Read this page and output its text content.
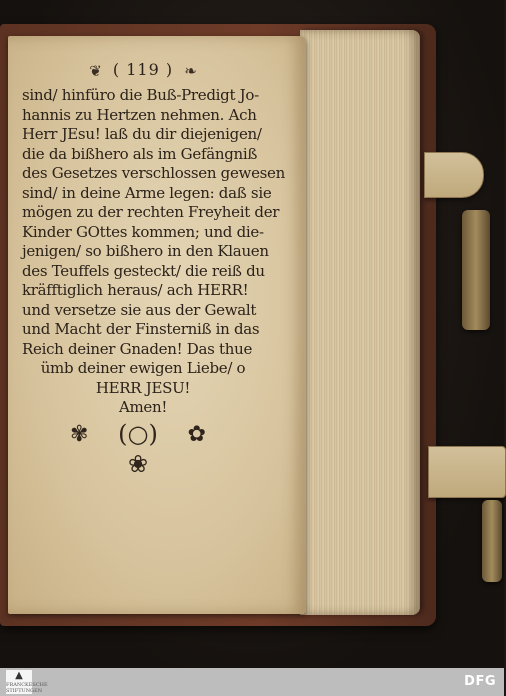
❦ ( 119 ) ❧
sind/ hinfüro die Buß-Predigt Jo-
hannis zu Hertzen nehmen. Ach
Herr JEsu! laß du dir diejenigen/
die da bißhero als im Gefängniß
des Gesetzes verschlossen gewesen
sind/ in deine Arme legen: daß sie
mögen zu der rechten Freyheit der
Kinder GOttes kommen; und die-
jenigen/ so bißhero in den Klauen
des Teuffels gesteckt/ die reiß du
kräfftiglich heraus/ ach HERR!
und versetze sie aus der Gewalt
und Macht der Finsterniß in das
Reich deiner Gnaden! Das thue
ümb deiner ewigen Liebe/ o
HERR JESU!
Amen!
✾ (○) ✿
❀
▲
FRANCKESCHE STIFTUNGEN
DFG
